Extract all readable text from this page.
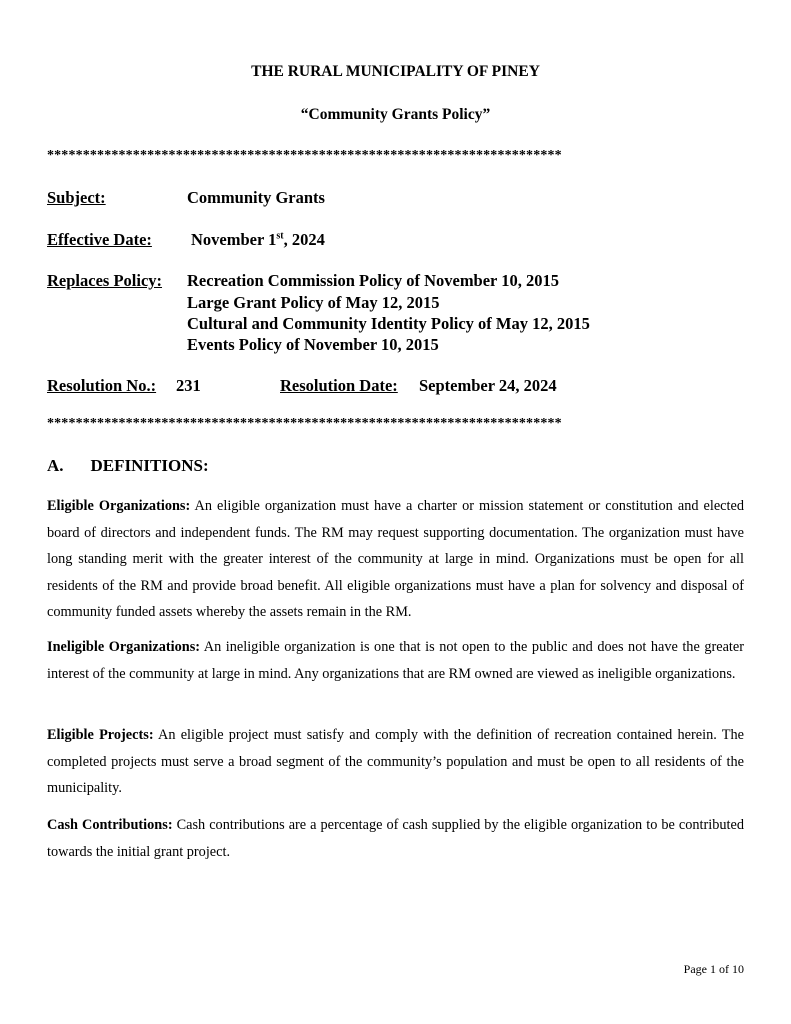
THE RURAL MUNICIPALITY OF PINEY
“Community Grants Policy”
************************************************************************
Subject:	Community Grants
Effective Date: November 1st, 2024
Replaces Policy: Recreation Commission Policy of November 10, 2015
Large Grant Policy of May 12, 2015
Cultural and Community Identity Policy of May 12, 2015
Events Policy of November 10, 2015
Resolution No.: 231	Resolution Date: September 24, 2024
************************************************************************
A. DEFINITIONS:
Eligible Organizations: An eligible organization must have a charter or mission statement or constitution and elected board of directors and independent funds. The RM may request supporting documentation. The organization must have long standing merit with the greater interest of the community at large in mind. Organizations must be open for all residents of the RM and provide broad benefit. All eligible organizations must have a plan for solvency and disposal of community funded assets whereby the assets remain in the RM.
Ineligible Organizations: An ineligible organization is one that is not open to the public and does not have the greater interest of the community at large in mind. Any organizations that are RM owned are viewed as ineligible organizations.
Eligible Projects: An eligible project must satisfy and comply with the definition of recreation contained herein. The completed projects must serve a broad segment of the community’s population and must be open to all residents of the municipality.
Cash Contributions: Cash contributions are a percentage of cash supplied by the eligible organization to be contributed towards the initial grant project.
Page 1 of 10
